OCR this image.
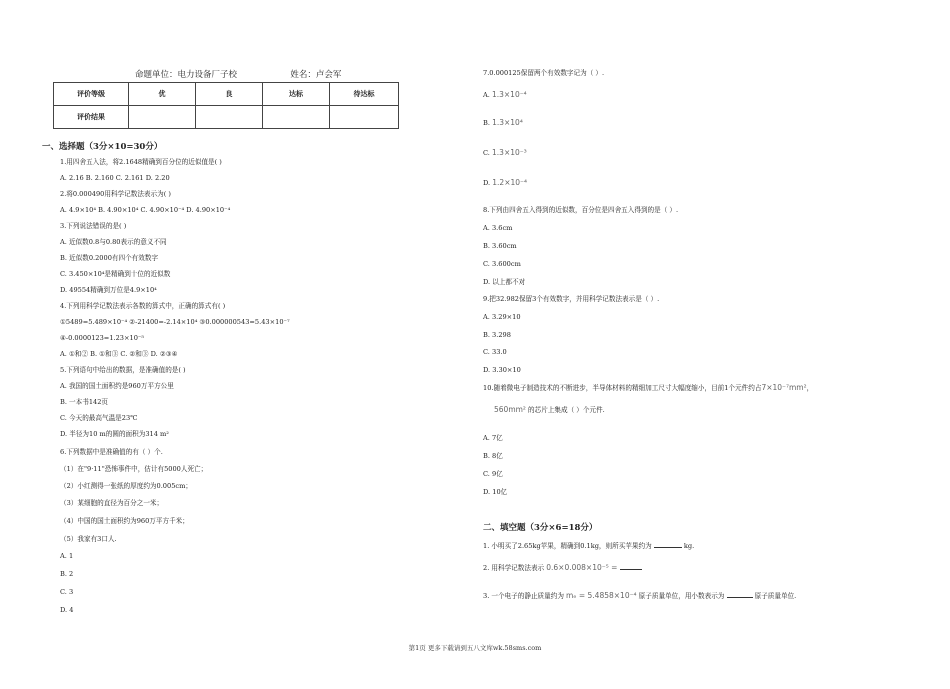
命题单位：电力设备厂子校	姓名：卢会军
评价等级	优	良	达标	待达标
评价结果				
一、选择题（3分×10=30分）
1.用四舍五入法，将2.1648精确到百分位的近似值是( )
A. 2.16 B. 2.160 C. 2.161 D. 2.20
2.将0.000490用科学记数法表示为( )
A. 4.9×10⁴ B. 4.90×10⁴ C. 4.90×10⁻⁴ D. 4.90×10⁻⁴
3.下列说法错误的是( )
A. 近似数0.8与0.80表示的意义不同
B. 近似数0.2000有四个有效数字
C. 3.450×10⁴是精确到十位的近似数
D. 49554精确到万位是4.9×10⁴
4.下列用科学记数法表示各数的算式中，正确的算式有( )
①5489=5.489×10⁻⁴ ②-21400=-2.14×10⁴ ③0.000000543=5.43×10⁻⁷
④-0.0000123=1.23×10⁻⁵
A. ①和② B. ①和③ C. ②和③ D. ②③④
5.下列语句中给出的数据，是准确值的是( )
A. 我国的国土面积约是960万平方公里
B. 一本书142页
C. 今天的最高气温是23℃
D. 半径为10 m的圆的面积为314 m²
6.下列数据中是准确值的有（ ）个.
（1）在"9·11"恐怖事件中，估计有5000人死亡；
（2）小红测得一张纸的厚度约为0.005cm；
（3）某细胞的直径为百分之一米；
（4）中国的国土面积约为960万平方千米；
（5）我家有3口人.
A. 1
B. 2
C. 3
D. 4
7.0.000125保留两个有效数字记为（ ）.
A. 1.3×10⁻⁴
B. 1.3×10⁴
C. 1.3×10⁻³
D. 1.2×10⁻⁴
8.下列由四舍五入得到的近似数，百分位是四舍五入得到的是（ ）.
A. 3.6cm
B. 3.60cm
C. 3.600cm
D. 以上都不对
9.把32.982保留3个有效数字，并用科学记数法表示是（ ）.
A. 3.29×10
B. 3.298
C. 33.0
D. 3.30×10
10.随着微电子制造技术的不断进步，半导体材料的精细加工尺寸大幅度缩小，目前1个元件约占7×10⁻⁷mm²，
560mm² 的芯片上集成（ ）个元件.
A. 7亿
B. 8亿
C. 9亿
D. 10亿
二、填空题（3分×6=18分）
1. 小明买了2.65kg苹果，精确到0.1kg，则所买苹果约为	kg.
2. 用科学记数法表示 0.6×0.008×10⁻⁵ =
3. 一个电子的静止质量约为 mₑ = 5.4858×10⁻⁴ 原子质量单位，用小数表示为	原子质量单位.
第1页 更多下载请到五八文库wk.58sms.com
